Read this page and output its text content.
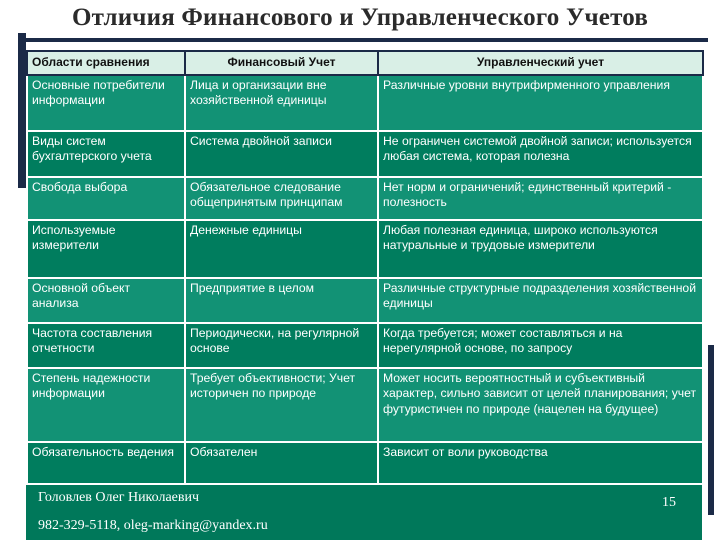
Отличия Финансового и Управленческого Учетов
Области сравнения	Финансовый Учет	Управленческий учет
Основные потребители информации	Лица и организации вне хозяйственной единицы	Различные уровни внутрифирменного управления
Виды систем бухгалтерского учета	Система двойной записи	Не ограничен системой двойной записи; используется любая система, которая полезна
Свобода выбора	Обязательное следование общепринятым принципам	Нет норм и ограничений; единственный критерий - полезность
Используемые измерители	Денежные единицы	Любая полезная единица, широко используются натуральные и трудовые измерители
Основной объект анализа	Предприятие в целом	Различные структурные подразделения хозяйственной единицы
Частота составления отчетности	Периодически, на регулярной основе	Когда требуется; может составляться и на нерегулярной основе, по запросу
Степень надежности информации	Требует объективности; Учет историчен по природе	Может носить вероятностный и субъективный характер, сильно зависит от целей планирования; учет футуристичен по природе (нацелен на будущее)
Обязательность ведения	Обязателен	Зависит от воли руководства
Головлев Олег Николаевич
982-329-5118, oleg-marking@yandex.ru
15
